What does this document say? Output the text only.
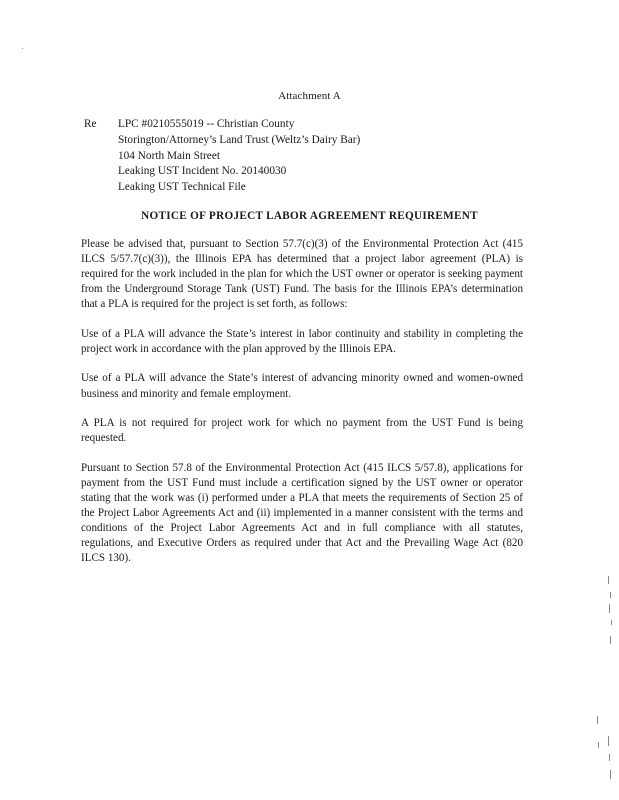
Attachment A
Re LPC #0210555019 -- Christian County
Storington/Attorney’s Land Trust (Weltz’s Dairy Bar)
104 North Main Street
Leaking UST Incident No. 20140030
Leaking UST Technical File
NOTICE OF PROJECT LABOR AGREEMENT REQUIREMENT

Please be advised that, pursuant to Section 57.7(c)(3) of the Environmental Protection Act (415 ILCS 5/57.7(c)(3)), the Illinois EPA has determined that a project labor agreement (PLA) is required for the work included in the plan for which the UST owner or operator is seeking payment from the Underground Storage Tank (UST) Fund. The basis for the Illinois EPA’s determination that a PLA is required for the project is set forth, as follows:

Use of a PLA will advance the State’s interest in labor continuity and stability in completing the project work in accordance with the plan approved by the Illinois EPA.

Use of a PLA will advance the State’s interest of advancing minority owned and women-owned business and minority and female employment.

A PLA is not required for project work for which no payment from the UST Fund is being requested.

Pursuant to Section 57.8 of the Environmental Protection Act (415 ILCS 5/57.8), applications for payment from the UST Fund must include a certification signed by the UST owner or operator stating that the work was (i) performed under a PLA that meets the requirements of Section 25 of the Project Labor Agreements Act and (ii) implemented in a manner consistent with the terms and conditions of the Project Labor Agreements Act and in full compliance with all statutes, regulations, and Executive Orders as required under that Act and the Prevailing Wage Act (820 ILCS 130).
